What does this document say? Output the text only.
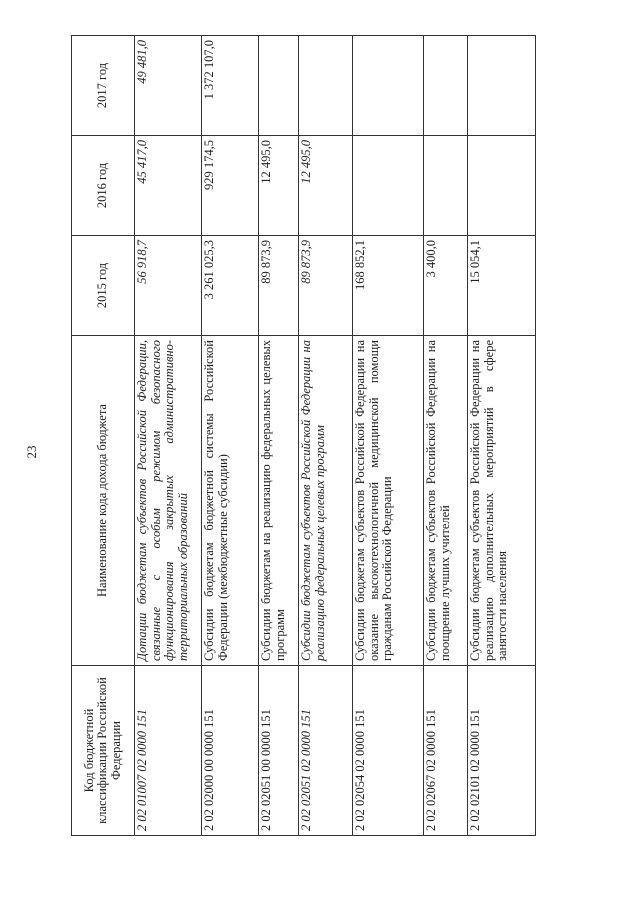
23
Код бюджетной классификации Российской Федерации	Наименование кода дохода бюджета	2015 год	2016 год	2017 год
2 02 01007 02 0000 151	Дотации бюджетам субъектов Российской Федерации, связанные с особым режимом безопасного функционирования закрытых административно-территориальных образований	56 918,7	45 417,0	49 481,0
2 02 02000 00 0000 151	Субсидии бюджетам бюджетной системы Российской Федерации (межбюджетные субсидии)	3 261 025,3	929 174,5	1 372 107,0
2 02 02051 00 0000 151	Субсидии бюджетам на реализацию федеральных целевых программ	89 873,9	12 495,0	
2 02 02051 02 0000 151	Субсидии бюджетам субъектов Российской Федерации на реализацию федеральных целевых программ	89 873,9	12 495,0	
2 02 02054 02 0000 151	Субсидии бюджетам субъектов Российской Федерации на оказание высокотехнологичной медицинской помощи гражданам Российской Федерации	168 852,1		
2 02 02067 02 0000 151	Субсидии бюджетам субъектов Российской Федерации на поощрение лучших учителей	3 400,0		
2 02 02101 02 0000 151	Субсидии бюджетам субъектов Российской Федерации на реализацию дополнительных мероприятий в сфере занятости населения	15 054,1		
